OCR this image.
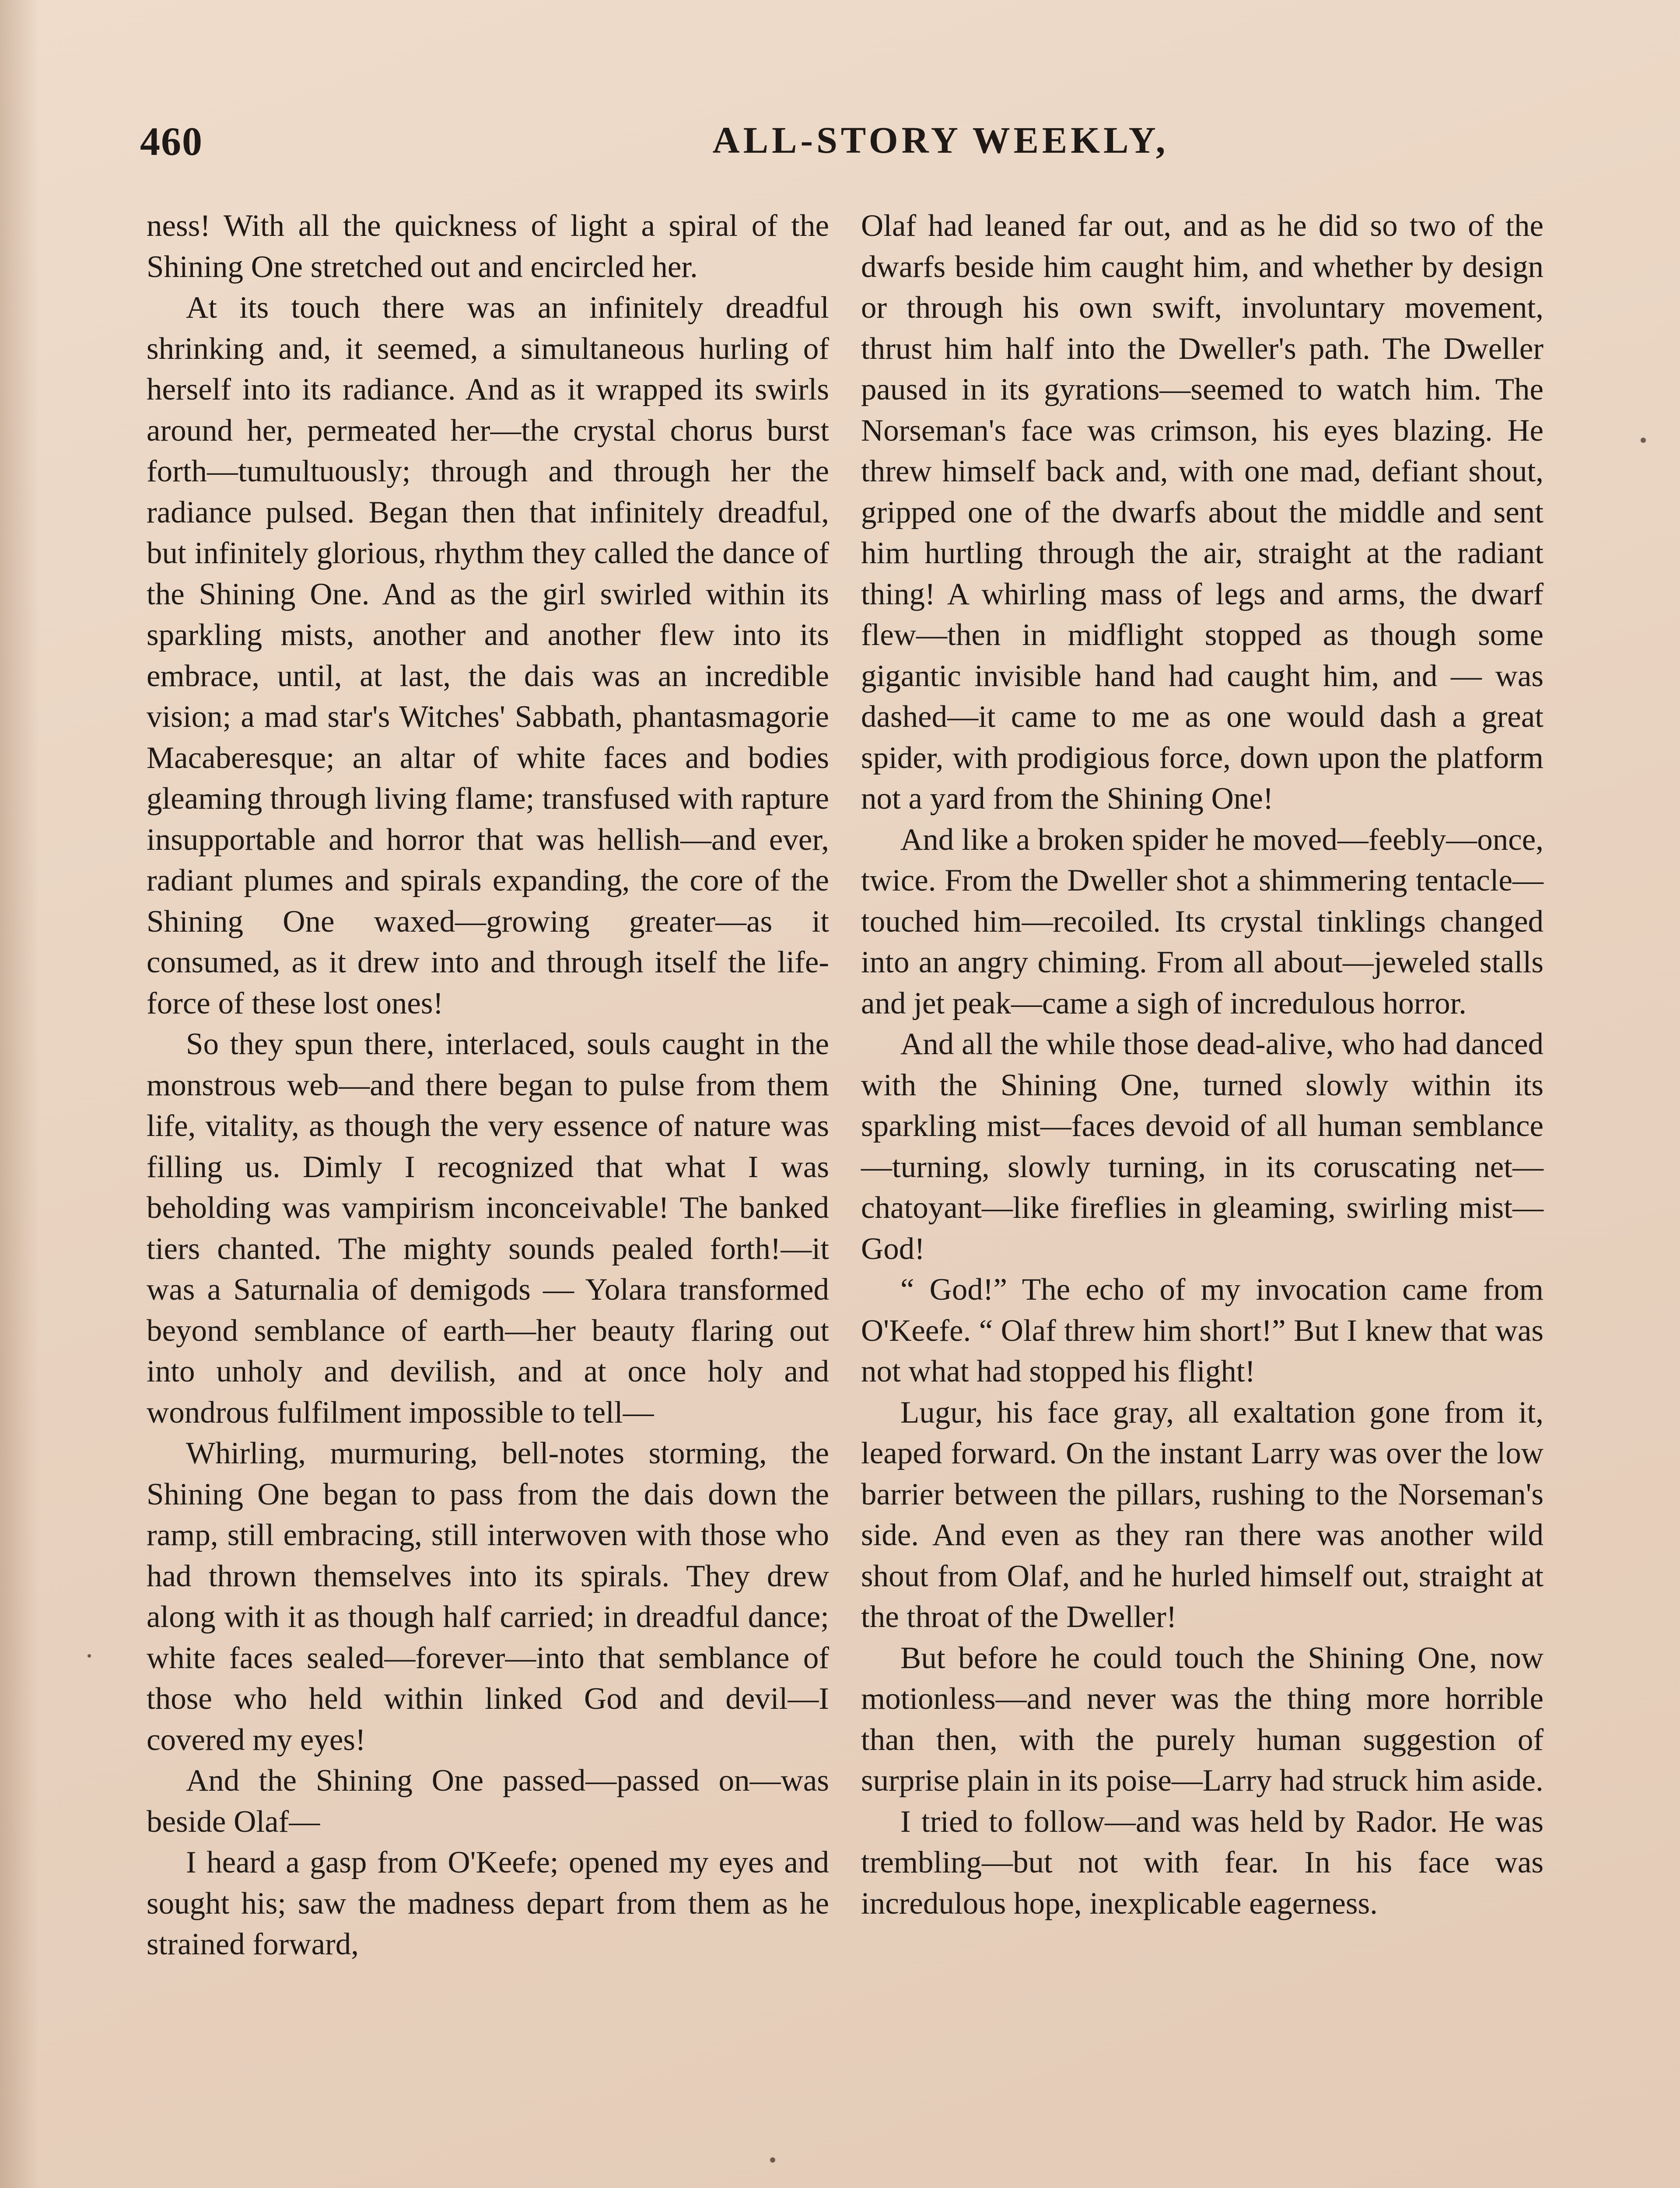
460	ALL-STORY WEEKLY,

ness! With all the quickness of light a spiral of the Shining One stretched out and encircled her.

At its touch there was an infinitely dreadful shrinking and, it seemed, a simultaneous hurling of herself into its radiance. And as it wrapped its swirls around her, permeated her—the crystal chorus burst forth—tumultuously; through and through her the radiance pulsed. Began then that infinitely dreadful, but infinitely glorious, rhythm they called the dance of the Shining One. And as the girl swirled within its sparkling mists, another and another flew into its embrace, until, at last, the dais was an incredible vision; a mad star's Witches' Sabbath, phantasmagorie Macaberesque; an altar of white faces and bodies gleaming through living flame; transfused with rapture insupportable and horror that was hellish—and ever, radiant plumes and spirals expanding, the core of the Shining One waxed—growing greater—as it consumed, as it drew into and through itself the life-force of these lost ones!

So they spun there, interlaced, souls caught in the monstrous web—and there began to pulse from them life, vitality, as though the very essence of nature was filling us. Dimly I recognized that what I was beholding was vampirism inconceivable! The banked tiers chanted. The mighty sounds pealed forth!—it was a Saturnalia of demigods — Yolara transformed beyond semblance of earth—her beauty flaring out into unholy and devilish, and at once holy and wondrous fulfilment impossible to tell—

Whirling, murmuring, bell-notes storming, the Shining One began to pass from the dais down the ramp, still embracing, still interwoven with those who had thrown themselves into its spirals. They drew along with it as though half carried; in dreadful dance; white faces sealed—forever—into that semblance of those who held within linked God and devil—I covered my eyes!

And the Shining One passed—passed on—was beside Olaf—

I heard a gasp from O'Keefe; opened my eyes and sought his; saw the madness depart from them as he strained forward,

Olaf had leaned far out, and as he did so two of the dwarfs beside him caught him, and whether by design or through his own swift, involuntary movement, thrust him half into the Dweller's path. The Dweller paused in its gyrations—seemed to watch him. The Norseman's face was crimson, his eyes blazing. He threw himself back and, with one mad, defiant shout, gripped one of the dwarfs about the middle and sent him hurtling through the air, straight at the radiant thing! A whirling mass of legs and arms, the dwarf flew—then in midflight stopped as though some gigantic invisible hand had caught him, and — was dashed—it came to me as one would dash a great spider, with prodigious force, down upon the platform not a yard from the Shining One!

And like a broken spider he moved—feebly—once, twice. From the Dweller shot a shimmering tentacle—touched him—recoiled. Its crystal tinklings changed into an angry chiming. From all about—jeweled stalls and jet peak—came a sigh of incredulous horror.

And all the while those dead-alive, who had danced with the Shining One, turned slowly within its sparkling mist—faces devoid of all human semblance—turning, slowly turning, in its coruscating net—chatoyant—like fireflies in gleaming, swirling mist—God!

“ God!” The echo of my invocation came from O'Keefe. “ Olaf threw him short!” But I knew that was not what had stopped his flight!

Lugur, his face gray, all exaltation gone from it, leaped forward. On the instant Larry was over the low barrier between the pillars, rushing to the Norseman's side. And even as they ran there was another wild shout from Olaf, and he hurled himself out, straight at the throat of the Dweller!

But before he could touch the Shining One, now motionless—and never was the thing more horrible than then, with the purely human suggestion of surprise plain in its poise—Larry had struck him aside.

I tried to follow—and was held by Rador. He was trembling—but not with fear. In his face was incredulous hope, inexplicable eagerness.
